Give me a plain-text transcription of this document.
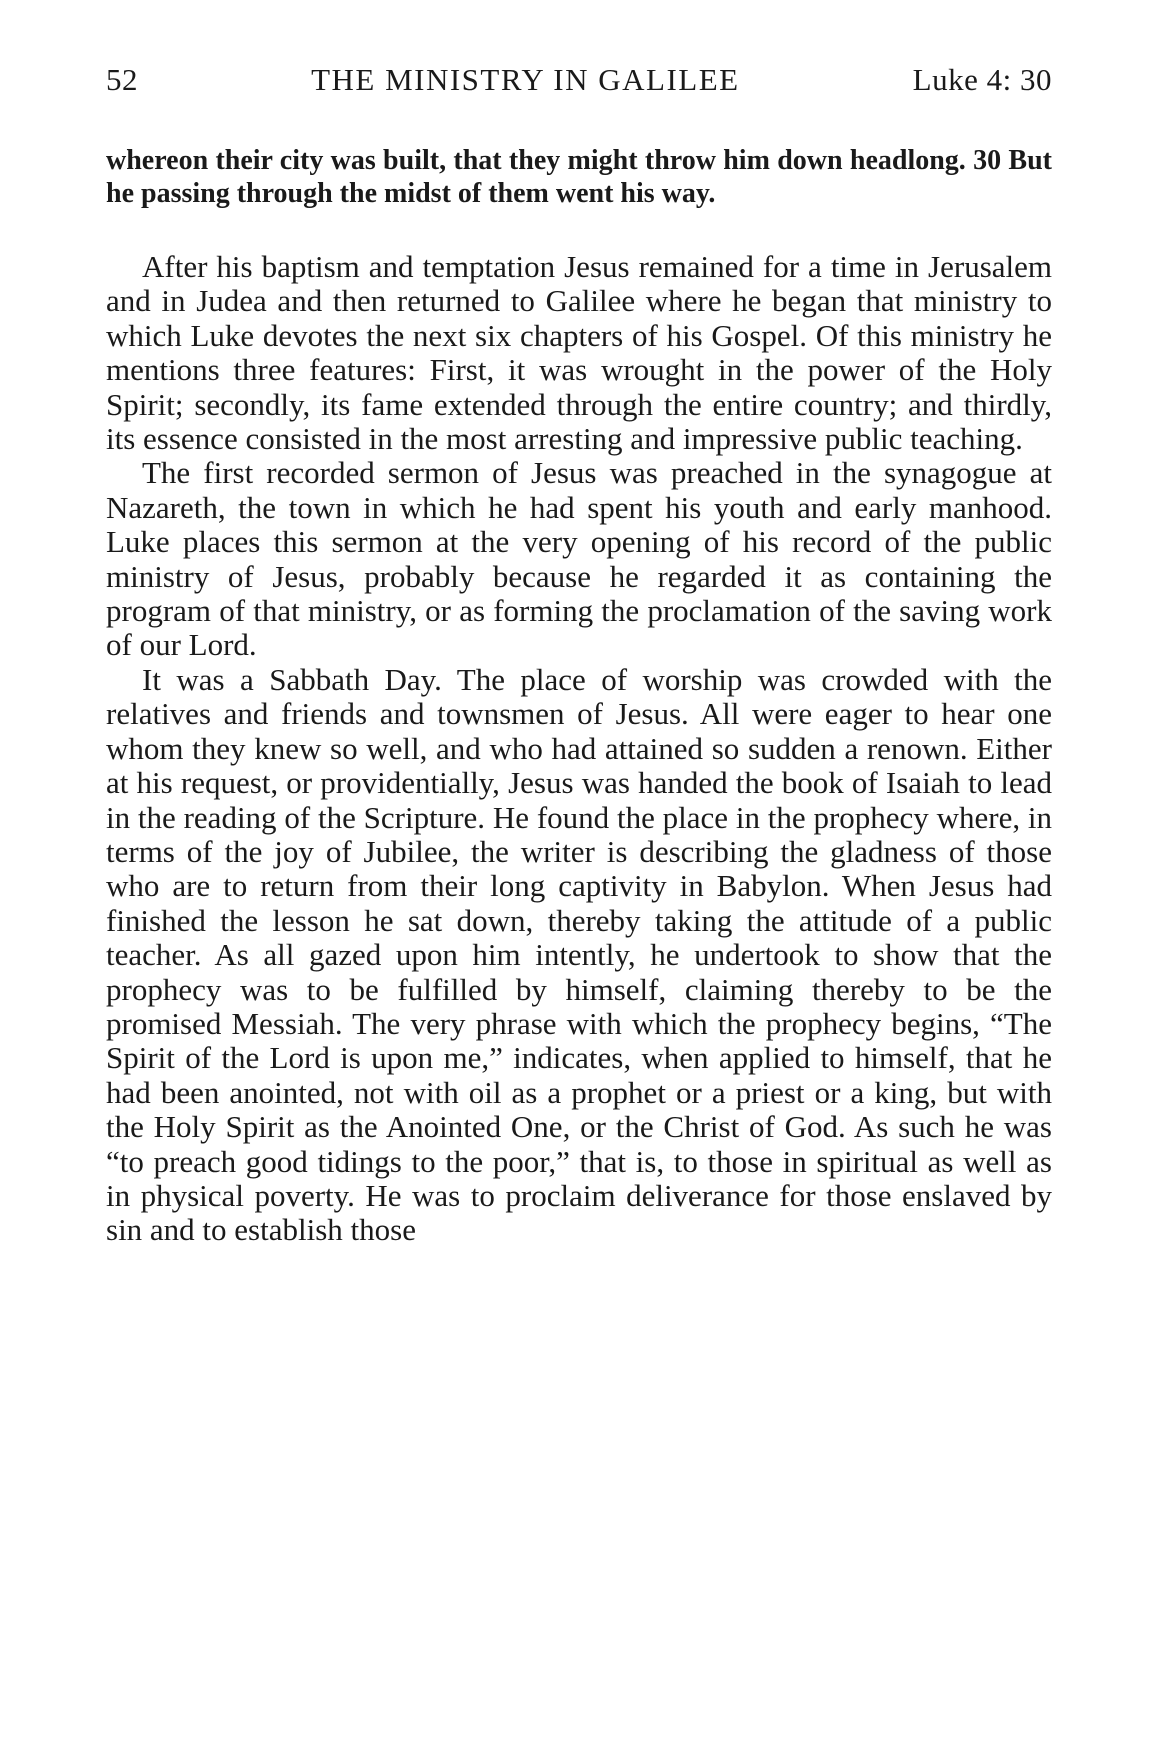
52	THE MINISTRY IN GALILEE	Luke 4: 30

whereon their city was built, that they might throw him down headlong. 30 But he passing through the midst of them went his way.

After his baptism and temptation Jesus remained for a time in Jerusalem and in Judea and then returned to Galilee where he began that ministry to which Luke devotes the next six chapters of his Gospel. Of this ministry he mentions three features: First, it was wrought in the power of the Holy Spirit; secondly, its fame extended through the entire country; and thirdly, its essence consisted in the most arresting and impressive public teaching.

The first recorded sermon of Jesus was preached in the synagogue at Nazareth, the town in which he had spent his youth and early manhood. Luke places this sermon at the very opening of his record of the public ministry of Jesus, probably because he regarded it as containing the program of that ministry, or as forming the proclamation of the saving work of our Lord.

It was a Sabbath Day. The place of worship was crowded with the relatives and friends and townsmen of Jesus. All were eager to hear one whom they knew so well, and who had attained so sudden a renown. Either at his request, or providentially, Jesus was handed the book of Isaiah to lead in the reading of the Scripture. He found the place in the prophecy where, in terms of the joy of Jubilee, the writer is describing the gladness of those who are to return from their long captivity in Babylon. When Jesus had finished the lesson he sat down, thereby taking the attitude of a public teacher. As all gazed upon him intently, he undertook to show that the prophecy was to be fulfilled by himself, claiming thereby to be the promised Messiah. The very phrase with which the prophecy begins, “The Spirit of the Lord is upon me,” indicates, when applied to himself, that he had been anointed, not with oil as a prophet or a priest or a king, but with the Holy Spirit as the Anointed One, or the Christ of God. As such he was “to preach good tidings to the poor,” that is, to those in spiritual as well as in physical poverty. He was to proclaim deliverance for those enslaved by sin and to establish those
